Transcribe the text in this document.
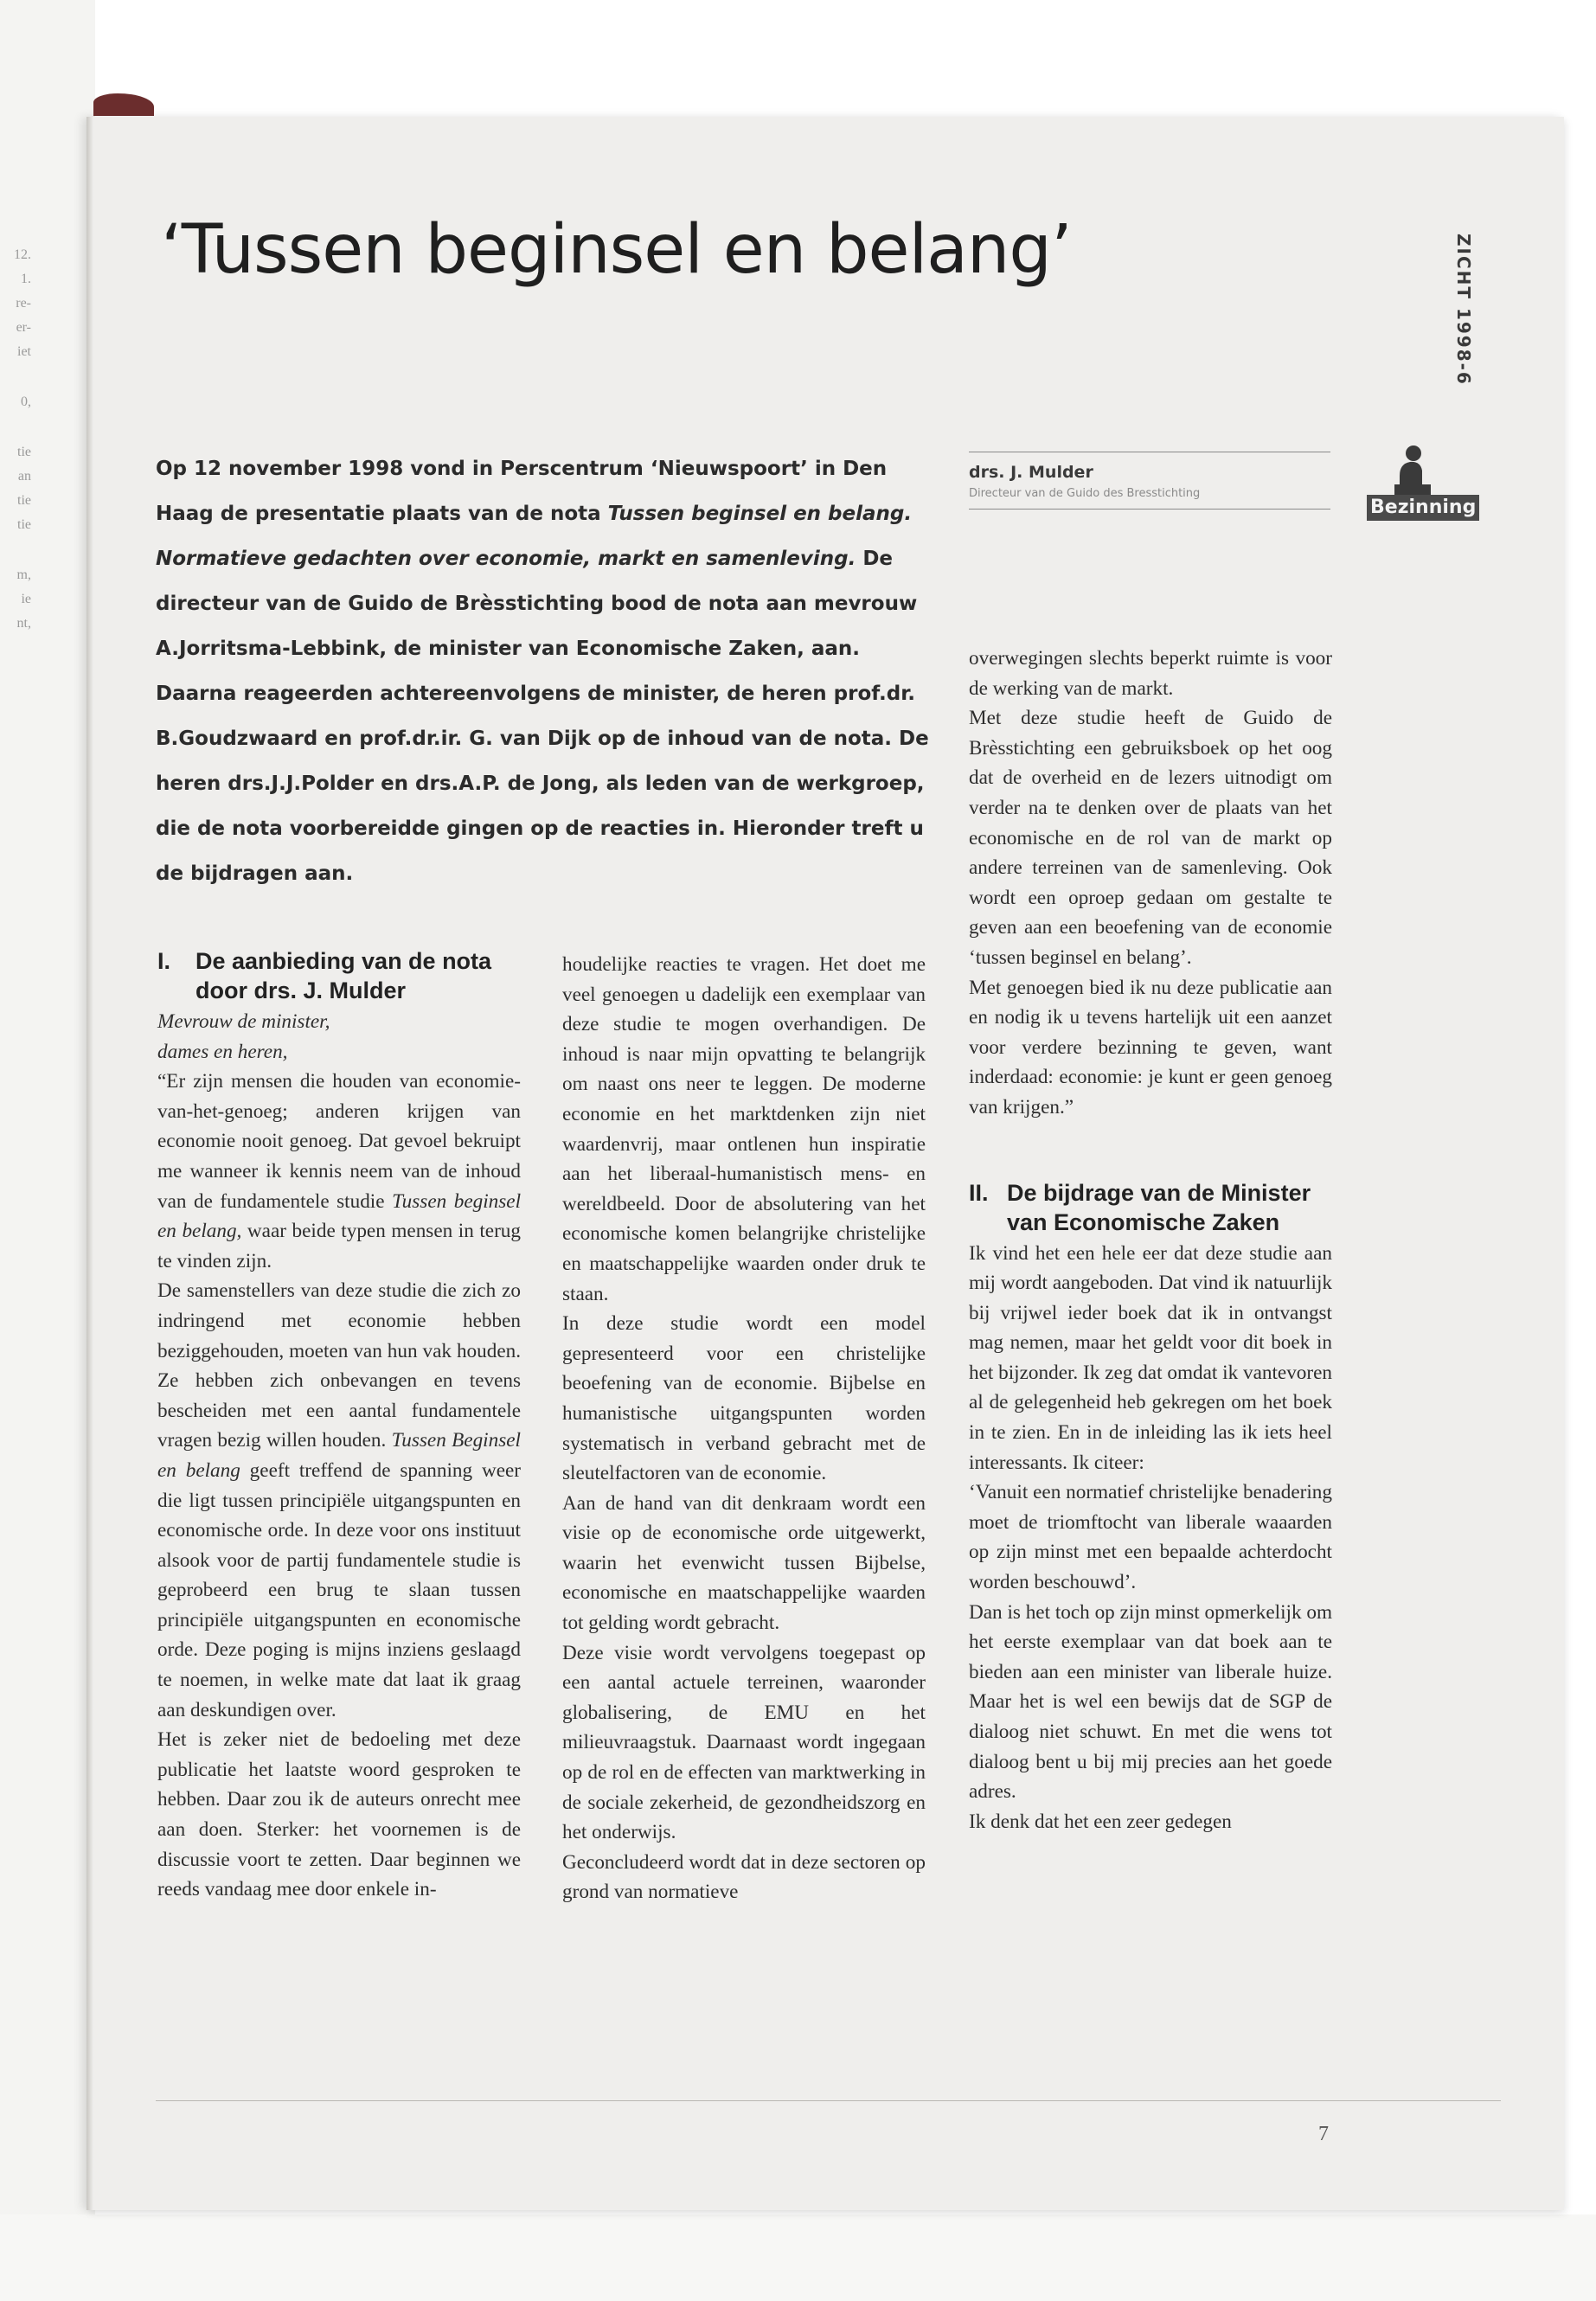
12.
1.
re-
er-
iet
0,
tie
an
tie
tie
m,
ie
nt,
‘Tussen beginsel en belang’	ZICHT 1998-6

Op 12 november 1998 vond in Perscentrum ‘Nieuwspoort’ in Den Haag de presentatie plaats van de nota Tussen beginsel en belang. Normatieve gedachten over economie, markt en samenleving. De directeur van de Guido de Brèsstichting bood de nota aan mevrouw A.Jorritsma-Lebbink, de minister van Economische Zaken, aan. Daarna reageerden achtereenvolgens de minister, de heren prof.dr. B.Goudzwaard en prof.dr.ir. G. van Dijk op de inhoud van de nota. De heren drs.J.J.Polder en drs.A.P. de Jong, als leden van de werkgroep, die de nota voorbereidde gingen op de reacties in. Hieronder treft u de bijdragen aan.

drs. J. Mulder
Directeur van de Guido des Bresstichting
Bezinning
I. De aanbieding van de nota door drs. J. Mulder

Mevrouw de minister,

dames en heren,

“Er zijn mensen die houden van economie-van-het-genoeg; anderen krijgen van economie nooit genoeg. Dat gevoel bekruipt me wanneer ik kennis neem van de inhoud van de fundamentele studie Tussen beginsel en belang, waar beide typen mensen in terug te vinden zijn.

De samenstellers van deze studie die zich zo indringend met economie hebben beziggehouden, moeten van hun vak houden. Ze hebben zich onbevangen en tevens bescheiden met een aantal fundamentele vragen bezig willen houden. Tussen Beginsel en belang geeft treffend de spanning weer die ligt tussen principiële uitgangspunten en economische orde. In deze voor ons instituut alsook voor de partij fundamentele studie is geprobeerd een brug te slaan tussen principiële uitgangspunten en economische orde. Deze poging is mijns inziens geslaagd te noemen, in welke mate dat laat ik graag aan deskundigen over.

Het is zeker niet de bedoeling met deze publicatie het laatste woord gesproken te hebben. Daar zou ik de auteurs onrecht mee aan doen. Sterker: het voornemen is de discussie voort te zetten. Daar beginnen we reeds vandaag mee door enkele in-

houdelijke reacties te vragen. Het doet me veel genoegen u dadelijk een exemplaar van deze studie te mogen overhandigen. De inhoud is naar mijn opvatting te belangrijk om naast ons neer te leggen. De moderne economie en het marktdenken zijn niet waardenvrij, maar ontlenen hun inspiratie aan het liberaal-humanistisch mens- en wereldbeeld. Door de absolutering van het economische komen belangrijke christelijke en maatschappelijke waarden onder druk te staan.

In deze studie wordt een model gepresenteerd voor een christelijke beoefening van de economie. Bijbelse en humanistische uitgangspunten worden systematisch in verband gebracht met de sleutelfactoren van de economie.

Aan de hand van dit denkraam wordt een visie op de economische orde uitgewerkt, waarin het evenwicht tussen Bijbelse, economische en maatschappelijke waarden tot gelding wordt gebracht.

Deze visie wordt vervolgens toegepast op een aantal actuele terreinen, waaronder globalisering, de EMU en het milieuvraagstuk. Daarnaast wordt ingegaan op de rol en de effecten van marktwerking in de sociale zekerheid, de gezondheidszorg en het onderwijs.

Geconcludeerd wordt dat in deze sectoren op grond van normatieve

overwegingen slechts beperkt ruimte is voor de werking van de markt.

Met deze studie heeft de Guido de Brèsstichting een gebruiksboek op het oog dat de overheid en de lezers uitnodigt om verder na te denken over de plaats van het economische en de rol van de markt op andere terreinen van de samenleving. Ook wordt een oproep gedaan om gestalte te geven aan een beoefening van de economie ‘tussen beginsel en belang’.

Met genoegen bied ik nu deze publicatie aan en nodig ik u tevens hartelijk uit een aanzet voor verdere bezinning te geven, want inderdaad: economie: je kunt er geen genoeg van krijgen.”

II. De bijdrage van de Minister van Economische Zaken

Ik vind het een hele eer dat deze studie aan mij wordt aangeboden. Dat vind ik natuurlijk bij vrijwel ieder boek dat ik in ontvangst mag nemen, maar het geldt voor dit boek in het bijzonder. Ik zeg dat omdat ik vantevoren al de gelegenheid heb gekregen om het boek in te zien. En in de inleiding las ik iets heel interessants. Ik citeer:

‘Vanuit een normatief christelijke benadering moet de triomftocht van liberale waaarden op zijn minst met een bepaalde achterdocht worden beschouwd’.

Dan is het toch op zijn minst opmerkelijk om het eerste exemplaar van dat boek aan te bieden aan een minister van liberale huize. Maar het is wel een bewijs dat de SGP de dialoog niet schuwt. En met die wens tot dialoog bent u bij mij precies aan het goede adres.

Ik denk dat het een zeer gedegen

7
